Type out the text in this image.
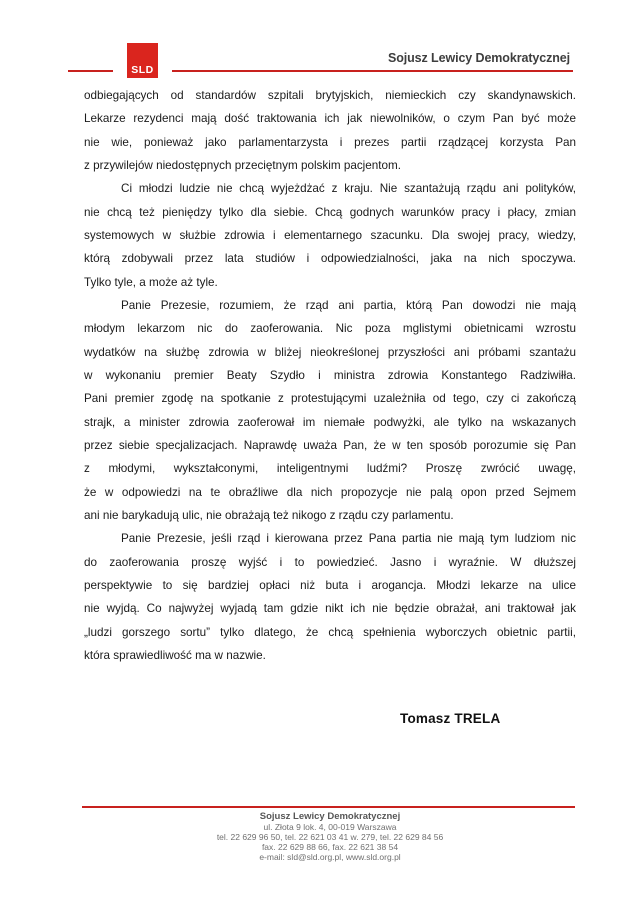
SLD
Sojusz Lewicy Demokratycznej
odbiegających od standardów szpitali brytyjskich, niemieckich czy skandynawskich.
Lekarze rezydenci mają dość traktowania ich jak niewolników, o czym Pan być może
nie wie, ponieważ jako parlamentarzysta i prezes partii rządzącej korzysta Pan
z przywilejów niedostępnych przeciętnym polskim pacjentom.
Ci młodzi ludzie nie chcą wyjeżdżać z kraju. Nie szantażują rządu ani polityków,
nie chcą też pieniędzy tylko dla siebie. Chcą godnych warunków pracy i płacy, zmian
systemowych w służbie zdrowia i elementarnego szacunku. Dla swojej pracy, wiedzy,
którą zdobywali przez lata studiów i odpowiedzialności, jaka na nich spoczywa.
Tylko tyle, a może aż tyle.
Panie Prezesie, rozumiem, że rząd ani partia, którą Pan dowodzi nie mają
młodym lekarzom nic do zaoferowania. Nic poza mglistymi obietnicami wzrostu
wydatków na służbę zdrowia w bliżej nieokreślonej przyszłości ani próbami szantażu
w wykonaniu premier Beaty Szydło i ministra zdrowia Konstantego Radziwiłła.
Pani premier zgodę na spotkanie z protestującymi uzależniła od tego, czy ci zakończą
strajk, a minister zdrowia zaoferował im niemałe podwyżki, ale tylko na wskazanych
przez siebie specjalizacjach. Naprawdę uważa Pan, że w ten sposób porozumie się Pan
z młodymi, wykształconymi, inteligentnymi ludźmi? Proszę zwrócić uwagę,
że w odpowiedzi na te obraźliwe dla nich propozycje nie palą opon przed Sejmem
ani nie barykadują ulic, nie obrażają też nikogo z rządu czy parlamentu.
Panie Prezesie, jeśli rząd i kierowana przez Pana partia nie mają tym ludziom nic
do zaoferowania proszę wyjść i to powiedzieć. Jasno i wyraźnie. W dłuższej
perspektywie to się bardziej opłaci niż buta i arogancja. Młodzi lekarze na ulice
nie wyjdą. Co najwyżej wyjadą tam gdzie nikt ich nie będzie obrażał, ani traktował jak
„ludzi gorszego sortu” tylko dlatego, że chcą spełnienia wyborczych obietnic partii,
która sprawiedliwość ma w nazwie.
Tomasz TRELA
Sojusz Lewicy Demokratycznej
ul. Złota 9 lok. 4, 00-019 Warszawa
tel. 22 629 96 50, tel. 22 621 03 41 w. 279, tel. 22 629 84 56
fax. 22 629 88 66, fax. 22 621 38 54
e-mail: sld@sld.org.pl, www.sld.org.pl
